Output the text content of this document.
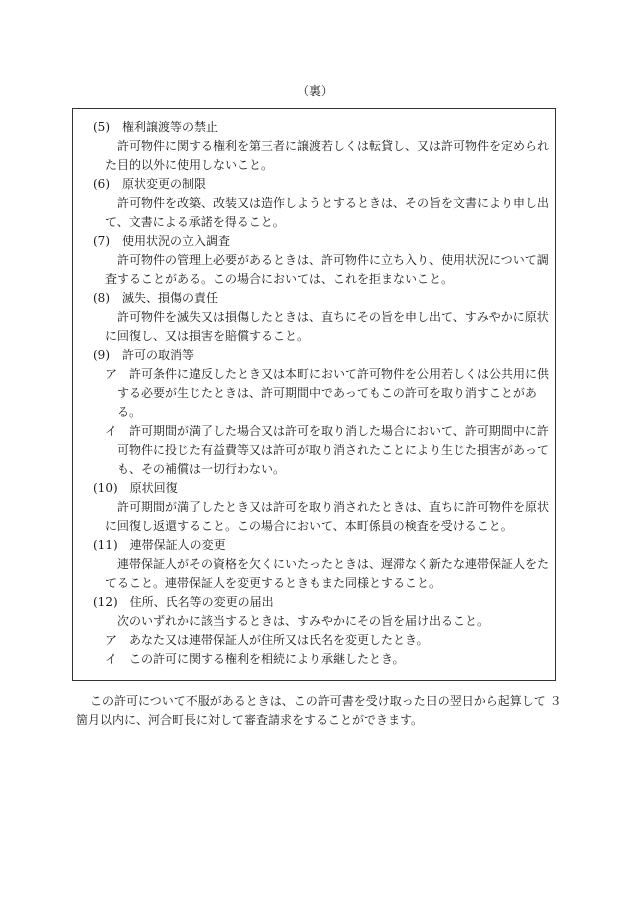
（裏）
(5)　権利譲渡等の禁止
許可物件に関する権利を第三者に譲渡若しくは転貸し、又は許可物件を定められ
た目的以外に使用しないこと。
(6)　原状変更の制限
許可物件を改築、改装又は造作しようとするときは、その旨を文書により申し出
て、文書による承諾を得ること。
(7)　使用状況の立入調査
許可物件の管理上必要があるときは、許可物件に立ち入り、使用状況について調
査することがある。この場合においては、これを拒まないこと。
(8)　滅失、損傷の責任
許可物件を滅失又は損傷したときは、直ちにその旨を申し出て、すみやかに原状
に回復し、又は損害を賠償すること。
(9)　許可の取消等
ア　許可条件に違反したとき又は本町において許可物件を公用若しくは公共用に供
する必要が生じたときは、許可期間中であってもこの許可を取り消すことがあ
る。
イ　許可期間が満了した場合又は許可を取り消した場合において、許可期間中に許
可物件に投じた有益費等又は許可が取り消されたことにより生じた損害があって
も、その補償は一切行わない。
(10)　原状回復
許可期間が満了したとき又は許可を取り消されたときは、直ちに許可物件を原状
に回復し返還すること。この場合において、本町係員の検査を受けること。
(11)　連帯保証人の変更
連帯保証人がその資格を欠くにいたったときは、遅滞なく新たな連帯保証人をた
てること。連帯保証人を変更するときもまた同様とすること。
(12)　住所、氏名等の変更の届出
次のいずれかに該当するときは、すみやかにその旨を届け出ること。
ア　あなた又は連帯保証人が住所又は氏名を変更したとき。
イ　この許可に関する権利を相続により承継したとき。
この許可について不服があるときは、この許可書を受け取った日の翌日から起算して ３
箇月以内に、河合町長に対して審査請求をすることができます。
